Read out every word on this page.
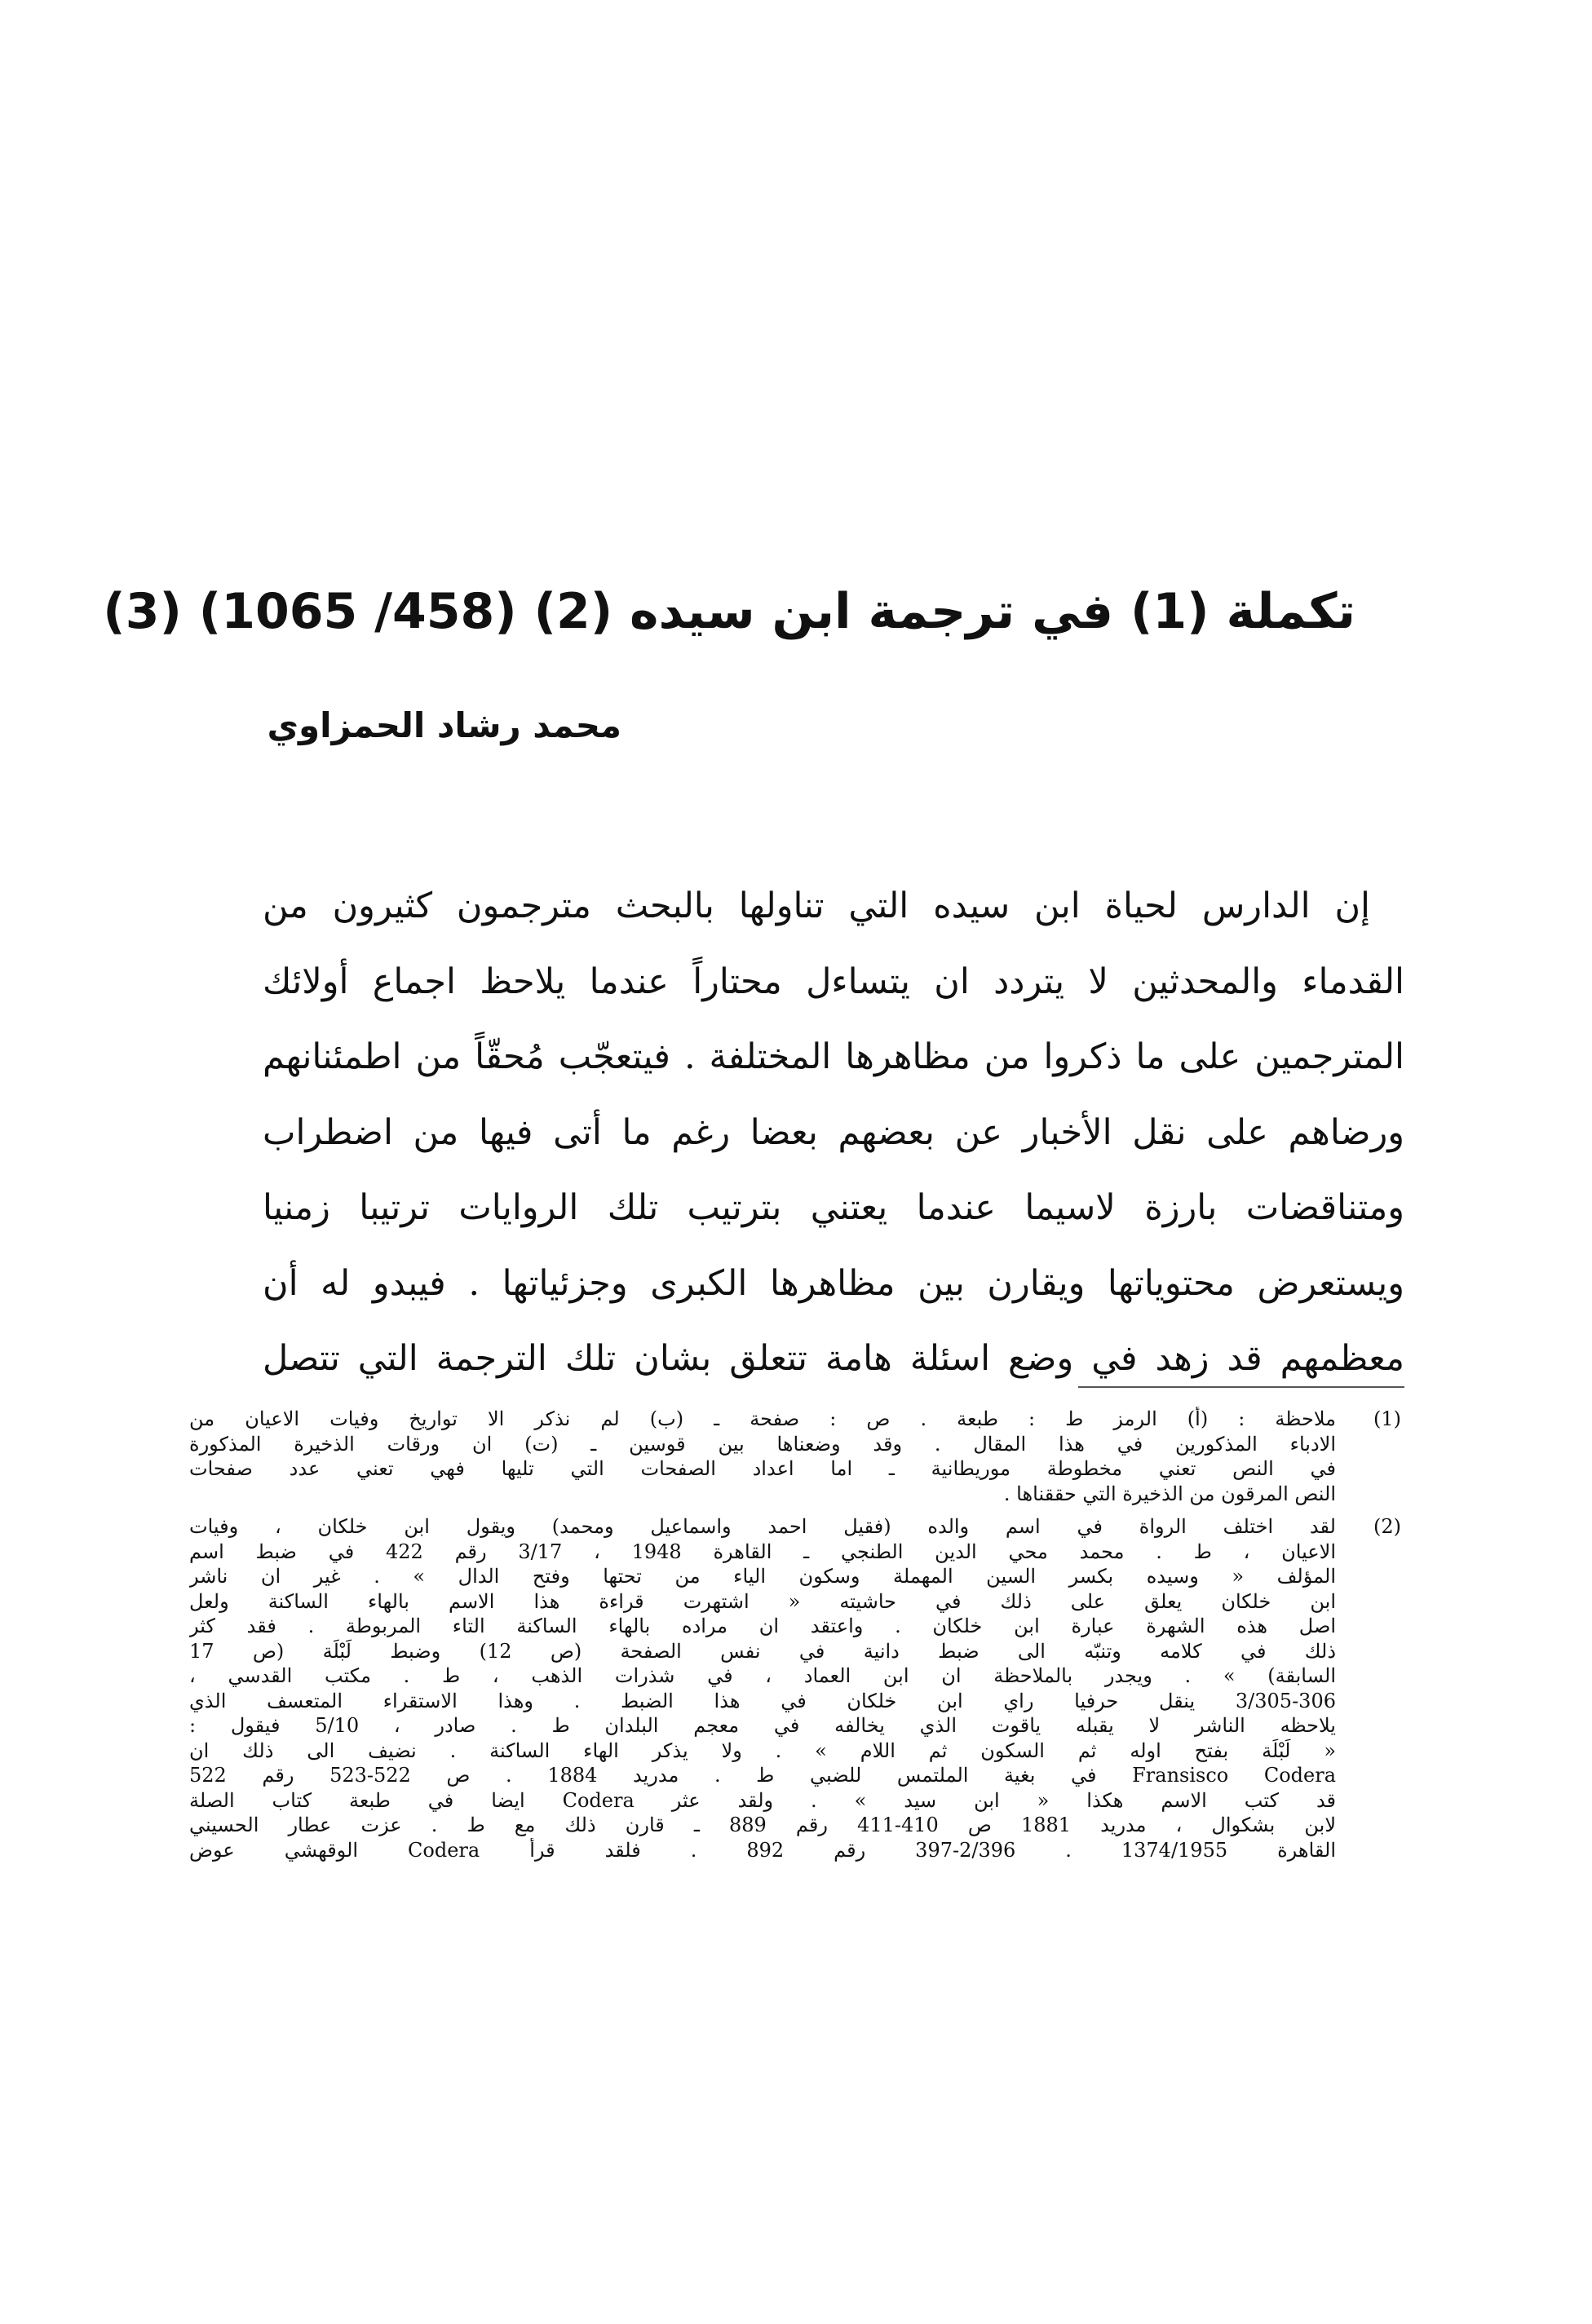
تكملة (1) في ترجمة ابن سيده (2) (458/ 1065) (3)
محمد رشاد الحمزاوي
إن الدارس لحياة ابن سيده التي تناولها بالبحث مترجمون كثيرون من
القدماء والمحدثين لا يتردد ان يتساءل محتاراً عندما يلاحظ اجماع أولائك
المترجمين على ما ذكروا من مظاهرها المختلفة . فيتعجّب مُحقّاً من اطمئنانهم
ورضاهم على نقل الأخبار عن بعضهم بعضا رغم ما أتى فيها من اضطراب
ومتناقضات بارزة لاسيما عندما يعتني بترتيب تلك الروايات ترتيبا زمنيا
ويستعرض محتوياتها ويقارن بين مظاهرها الكبرى وجزئياتها . فيبدو له أن
معظمهم قد زهد في وضع اسئلة هامة تتعلق بشان تلك الترجمة التي تتصل
(1)
ملاحظة : (أ) الرمز ط : طبعة . ص : صفحة ـ (ب) لم نذكر الا تواريخ وفيات الاعيان من
الادباء المذكورين في هذا المقال . وقد وضعناها بين قوسين ـ (ت) ان ورقات الذخيرة المذكورة
في النص تعني مخطوطة موريطانية ـ اما اعداد الصفحات التي تليها فهي تعني عدد صفحات
النص المرقون من الذخيرة التي حققناها .
(2)
لقد اختلف الرواة في اسم والده (فقيل احمد واسماعيل ومحمد) ويقول ابن خلكان ، وفيات
الاعيان ، ط . محمد محي الدين الطنجي ـ القاهرة 1948 ، 3/17 رقم 422 في ضبط اسم
المؤلف « وسيده بكسر السين المهملة وسكون الياء من تحتها وفتح الدال » . غير ان ناشر
ابن خلكان يعلق على ذلك في حاشيته « اشتهرت قراءة هذا الاسم بالهاء الساكنة ولعل
اصل هذه الشهرة عبارة ابن خلكان . واعتقد ان مراده بالهاء الساكنة التاء المربوطة . فقد كثر
ذلك في كلامه وتنبّه الى ضبط دانية في نفس الصفحة (ص 12) وضبط لَبْلَة (ص 17
السابقة) » . ويجدر بالملاحظة ان ابن العماد ، في شذرات الذهب ، ط . مكتب القدسي ،
3/305-306 ينقل حرفيا راي ابن خلكان في هذا الضبط . وهذا الاستقراء المتعسف الذي
يلاحظه الناشر لا يقبله ياقوت الذي يخالفه في معجم البلدان ط . صادر ، 5/10 فيقول :
« لَبْلَة بفتح اوله ثم السكون ثم اللام » . ولا يذكر الهاء الساكنة . نضيف الى ذلك ان
Fransisco Codera في بغية الملتمس للضبي ط . مدريد 1884 . ص 522-523 رقم 522
قد كتب الاسم هكذا « ابن سيد » . ولقد عثر Codera ايضا في طبعة كتاب الصلة
لابن بشكوال ، مدريد 1881 ص 410-411 رقم 889 ـ قارن ذلك مع ط . عزت عطار الحسيني
القاهرة 1374/1955 . 2/396-397 رقم 892 . فلقد قرأ Codera الوقهشي عوض
